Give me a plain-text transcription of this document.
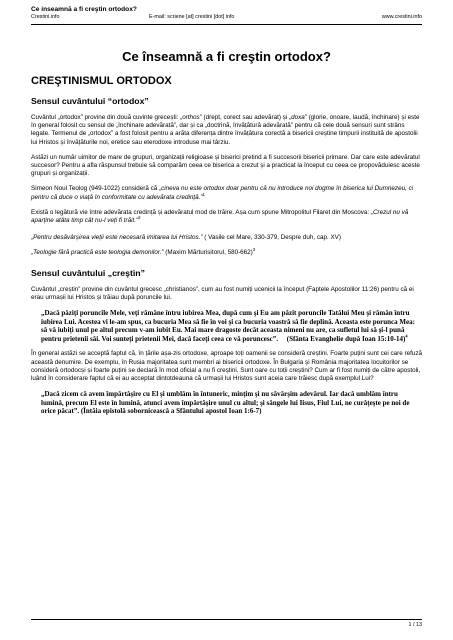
Ce inseamnă a fi creştin ortodox?
Crestini.info	E-mail: scriene [at] crestini [dot] info	www.crestini.info
Ce înseamnă a fi creştin ortodox?
CREŞTINISMUL ORTODOX
Sensul cuvântului “ortodox”

Cuvântul „ortodox” provine din două cuvinte grecești: „orthos” (drept, corect sau adevărat) și „doxa” (glorie, onoare, laudă, închinare) și este în general folosit cu sensul de „închinare adevărată”, dar și ca „doctrină, învățătură adevărată” pentru că cele două sensuri sunt strâns legate. Termenul de „ortodox” a fost folosit pentru a arăta diferența dintre învățătura corectă a bisericii creștine timpurii instituită de apostolii lui Hristos și învățăturile noi, eretice sau eterodoxe introduse mai târziu.

Astăzi un număr uimitor de mare de grupuri, organizații religioase și biserici pretind a fi succesorii bisericii primare. Dar care este adevăratul succesor? Pentru a afla răspunsul trebuie să comparăm ceea ce biserica a crezut și a practicat la început cu ceea ce propovăduiesc aceste grupuri și organizații.

Simeon Noul Teolog (949-1022) consideră că „cineva nu este ortodox doar pentru că nu introduce noi dogme în biserica lui Dumnezeu, ci pentru că duce o viață în conformitate cu adevărata credință.”$^1$

Există o legătură vie între adevărata credință și adevăratul mod de trăire. Așa cum spune Mitropolitul Filaret din Moscova: „Crezul nu vă aparține atâta timp cât nu-l veți fi trăit.”$^2$

„Pentru desăvârșirea vieții este necesară imitarea lui Hristos.” ( Vasile cel Mare, 330-379, Despre duh, cap. XV)

„Teologie fără practică este teologia demonilor.” (Maxim Mărturisitorul, 580-662)$^3$

Sensul cuvântului „creştin”

Cuvântul „creștin” provine din cuvântul grecesc „christianos”, cum au fost numiți ucenicii la început (Faptele Apostolilor 11:26) pentru că ei erau urmașii lui Hristos și trăiau după poruncile lui.

„Dacă păziţi poruncile Mele, veţi rămâne întru iubirea Mea, după cum şi Eu am păzit poruncile Tatălui Meu şi rămân întru iubirea Lui. Acestea vi le-am spus, ca bucuria Mea să fie în voi şi ca bucuria voastră să fie deplină. Aceasta este porunca Mea: să vă iubiţi unul pe altul precum v-am iubit Eu. Mai mare dragoste decât aceasta nimeni nu are, ca sufletul lui să şi-l pună pentru prietenii săi. Voi sunteţi prietenii Mei, dacă faceţi ceea ce vă poruncesc”. (Sfânta Evanghelie după Ioan 15:10-14)$^4$

În general astăzi se acceptă faptul că, în țările așa-zis ortodoxe, aproape toți oamenii se consideră creștini. Foarte puțini sunt cei care refuză această denumire. De exemplu, în Rusia majoritatea sunt membri ai bisericii ortodoxe. În Bulgaria și România majoritatea locuitorilor se consideră ortodocși și foarte puțini se declară în mod oficial a nu fi creștini. Sunt oare cu toții creștini? Cum ar fi fost numiți de către apostoli, luând în considerare faptul că ei au acceptat dintotdeauna că urmașii lui Hristos sunt aceia care trăiesc după exemplul Lui?

„Dacă zicem că avem împărtăşire cu El şi umblăm în întuneric, minţim şi nu săvârşim adevărul. Iar dacă umblăm întru lumină, precum El este în lumină, atunci avem împărtăşire unul cu altul; şi sângele lui Iisus, Fiul Lui, ne curăţeşte pe noi de orice păcat”. (Întâia epistolă sobornicească a Sfântului apostol Ioan 1:6-7)

1 / 13
